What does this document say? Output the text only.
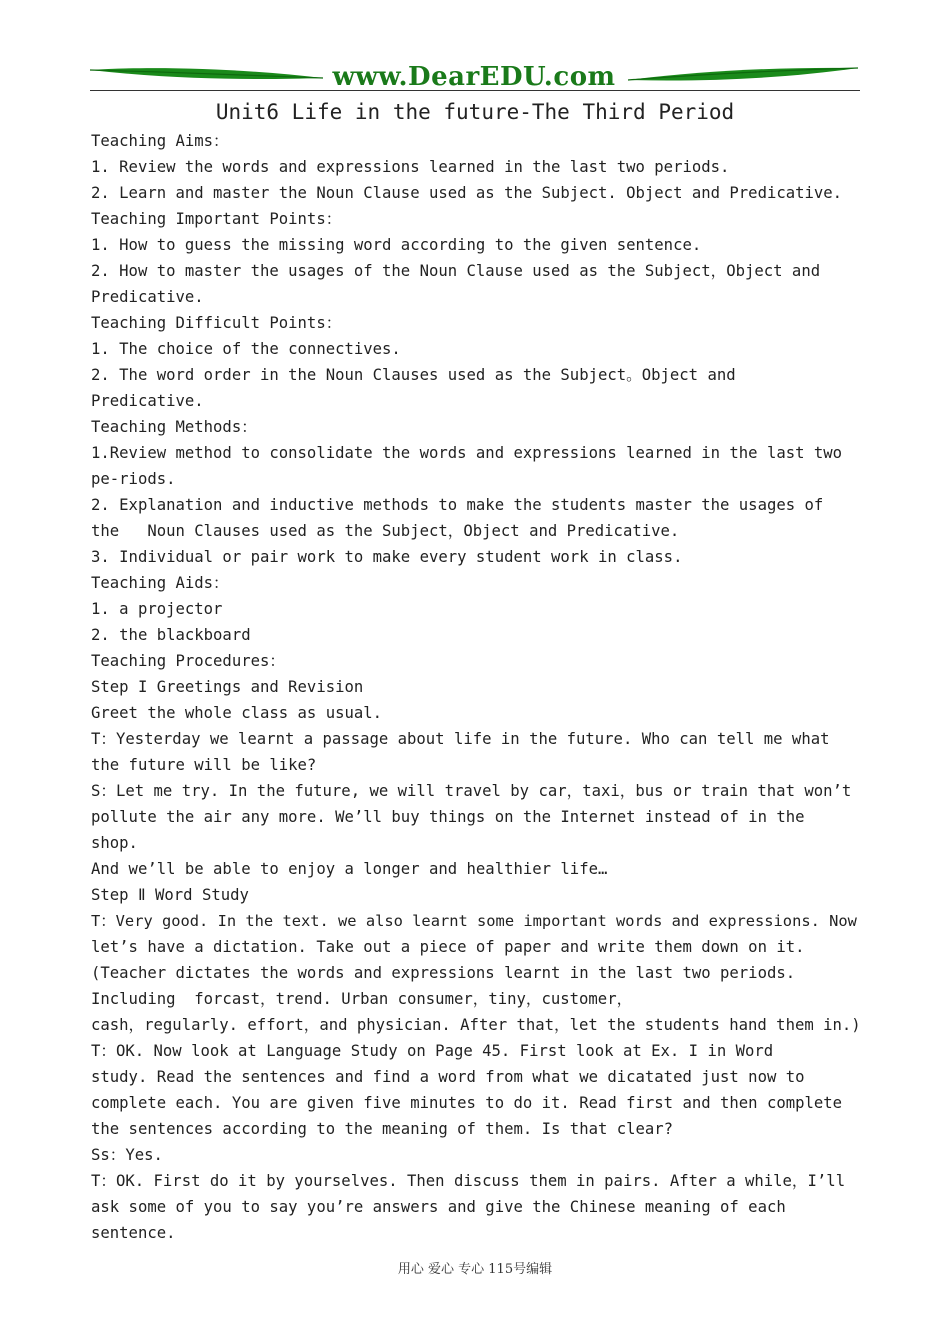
www.DearEDU.com
Unit6 Life in the future-The Third Period
Teaching Aims：
1. Review the words and expressions learned in the last two periods.
2. Learn and master the Noun Clause used as the Subject. Object and Predicative.
Teaching Important Points：
1. How to guess the missing word according to the given sentence.
2. How to master the usages of the Noun Clause used as the Subject，Object and
Predicative.
Teaching Difficult Points：
1. The choice of the connectives.
2. The word order in the Noun Clauses used as the Subject。Object and
Predicative.
Teaching Methods：
1.Review method to consolidate the words and expressions learned in the last two
pe-riods.
2. Explanation and inductive methods to make the students master the usages of
the   Noun Clauses used as the Subject，Object and Predicative.
3. Individual or pair work to make every student work in class.
Teaching Aids：
1. a projector
2. the blackboard
Teaching Procedures：
Step I Greetings and Revision
Greet the whole class as usual.
T：Yesterday we learnt a passage about life in the future. Who can tell me what
the future will be like?
S：Let me try. In the future, we will travel by car，taxi，bus or train that won’t
pollute the air any more. We’ll buy things on the Internet instead of in the
shop.
And we’ll be able to enjoy a longer and healthier life…
Step Ⅱ Word Study
T：Very good. In the text. we also learnt some important words and expressions. Now
let’s have a dictation. Take out a piece of paper and write them down on it.
(Teacher dictates the words and expressions learnt in the last two periods.
Including  forcast，trend. Urban consumer，tiny，customer，
cash，regularly. effort，and physician. After that，let the students hand them in.)
T：OK. Now look at Language Study on Page 45. First look at Ex. I in Word
study. Read the sentences and find a word from what we dicatated just now to
complete each. You are given five minutes to do it. Read first and then complete
the sentences according to the meaning of them. Is that clear?
Ss：Yes.
T：OK. First do it by yourselves. Then discuss them in pairs. After a while，I’ll
ask some of you to say you’re answers and give the Chinese meaning of each
sentence.
用心 爱心 专心 115号编辑
